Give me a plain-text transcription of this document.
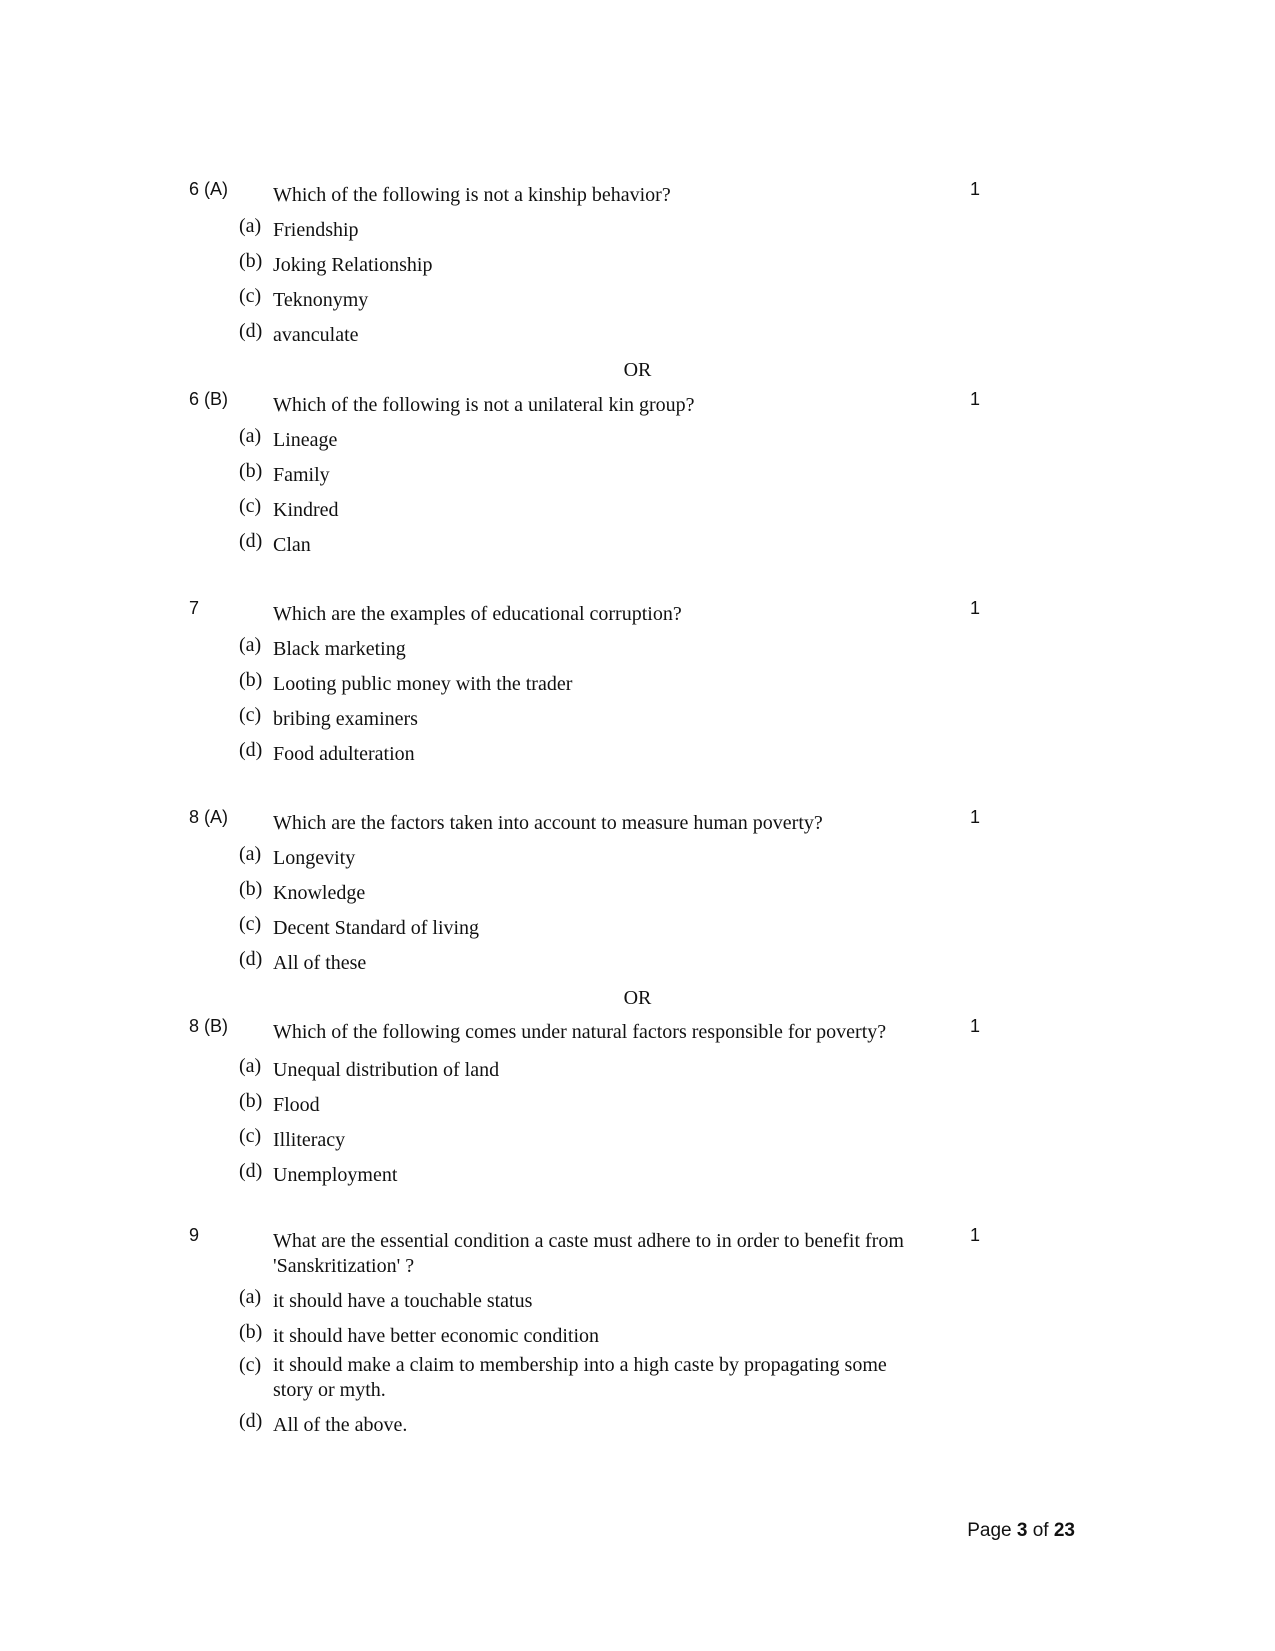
6 (A)	1
Which of the following is not a kinship behavior?
(a) Friendship
(b) Joking Relationship
(c) Teknonymy
(d) avanculate
OR
6 (B)	1
Which of the following is not a unilateral kin group?
(a) Lineage
(b) Family
(c) Kindred
(d) Clan
7	1
Which are the examples of educational corruption?
(a) Black marketing
(b) Looting public money with the trader
(c) bribing examiners
(d) Food adulteration
8 (A)	1
Which are the factors taken into account to measure human poverty?
(a) Longevity
(b) Knowledge
(c) Decent Standard of living
(d) All of these
OR
8 (B)	1
Which of the following comes under natural factors responsible for poverty?
(a) Unequal distribution of land
(b) Flood
(c) Illiteracy
(d) Unemployment
9	1
What are the essential condition a caste must adhere to in order to benefit from 'Sanskritization' ?
(a) it should have a touchable status
(b) it should have better economic condition
(c) it should make a claim to membership into a high caste by propagating some story or myth.
(d) All of the above.
Page 3 of 23
